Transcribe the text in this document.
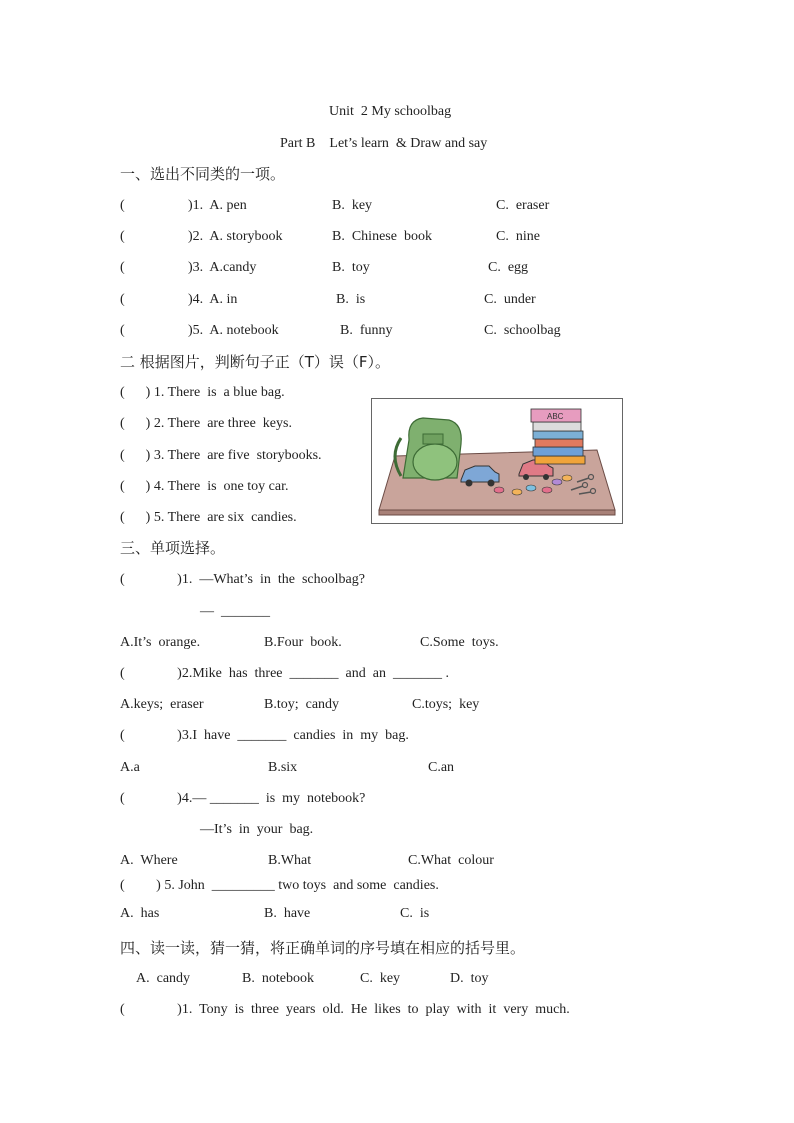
Unit  2 My schoolbag
Part B    Let’s learn  & Draw and say
一、选出不同类的一项。
(	)1.  A. pen	B.  key	C.  eraser
(	)2.  A. storybook	B.  Chinese  book	C.  nine
(	)3.  A.candy	B.  toy	C.  egg
(	)4.  A. in	B.  is	C.  under
(	)5.  A. notebook	B.  funny	C.  schoolbag
二 根据图片，判断句子正（T）误（F）。
(      ) 1. There  is  a blue bag.
(      ) 2. There  are three  keys.
(      ) 3. There  are five  storybooks.
(      ) 4. There  is  one toy car.
(      ) 5. There  are six  candies.
ABC
三、单项选择。
(               )1.  —What’s  in  the  schoolbag?
—  _______
A.It’s  orange.	B.Four  book.	C.Some  toys.
(               )2.Mike  has  three  _______  and  an  _______ .
A.keys;  eraser	B.toy;  candy	C.toys;  key
(               )3.I  have  _______  candies  in  my  bag.
A.a	B.six	C.an
(               )4.— _______  is  my  notebook?
—It’s  in  your  bag.
A.  Where	B.What	C.What  colour
(         ) 5. John  _________ two toys  and some  candies.
A.  has	B.  have	C.  is
四、读一读，猜一猜，将正确单词的序号填在相应的括号里。
A.  candy	B.  notebook	C.  key	D.  toy
(               )1.  Tony  is  three  years  old.  He  likes  to  play  with  it  very  much.
